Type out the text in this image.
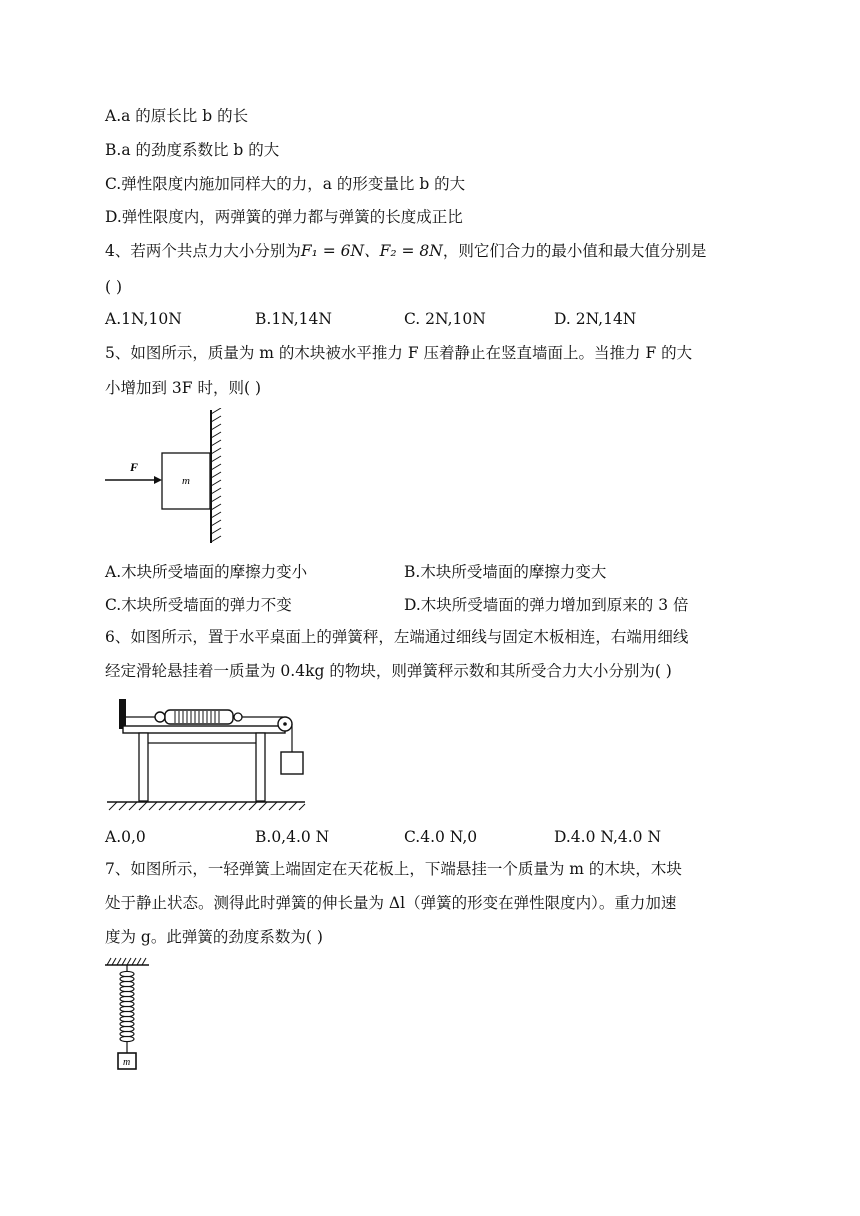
A.a 的原长比 b 的长
B.a 的劲度系数比 b 的大
C.弹性限度内施加同样大的力，a 的形变量比 b 的大
D.弹性限度内，两弹簧的弹力都与弹簧的长度成正比
4、若两个共点力大小分别为F₁ = 6N、F₂ = 8N，则它们合力的最小值和最大值分别是
( )
A.1N,10N	B.1N,14N	C. 2N,10N	D. 2N,14N
5、如图所示，质量为 m 的木块被水平推力 F 压着静止在竖直墙面上。当推力 F 的大
小增加到 3F 时，则( )
F
m
A.木块所受墙面的摩擦力变小	B.木块所受墙面的摩擦力变大
C.木块所受墙面的弹力不变	D.木块所受墙面的弹力增加到原来的 3 倍
6、如图所示，置于水平桌面上的弹簧秤，左端通过细线与固定木板相连，右端用细线
经定滑轮悬挂着一质量为 0.4kg 的物块，则弹簧秤示数和其所受合力大小分别为( )
A.0,0	B.0,4.0 N	C.4.0 N,0	D.4.0 N,4.0 N
7、如图所示，一轻弹簧上端固定在天花板上，下端悬挂一个质量为 m 的木块，木块
处于静止状态。测得此时弹簧的伸长量为 Δl（弹簧的形变在弹性限度内）。重力加速
度为 g。此弹簧的劲度系数为( )
m
